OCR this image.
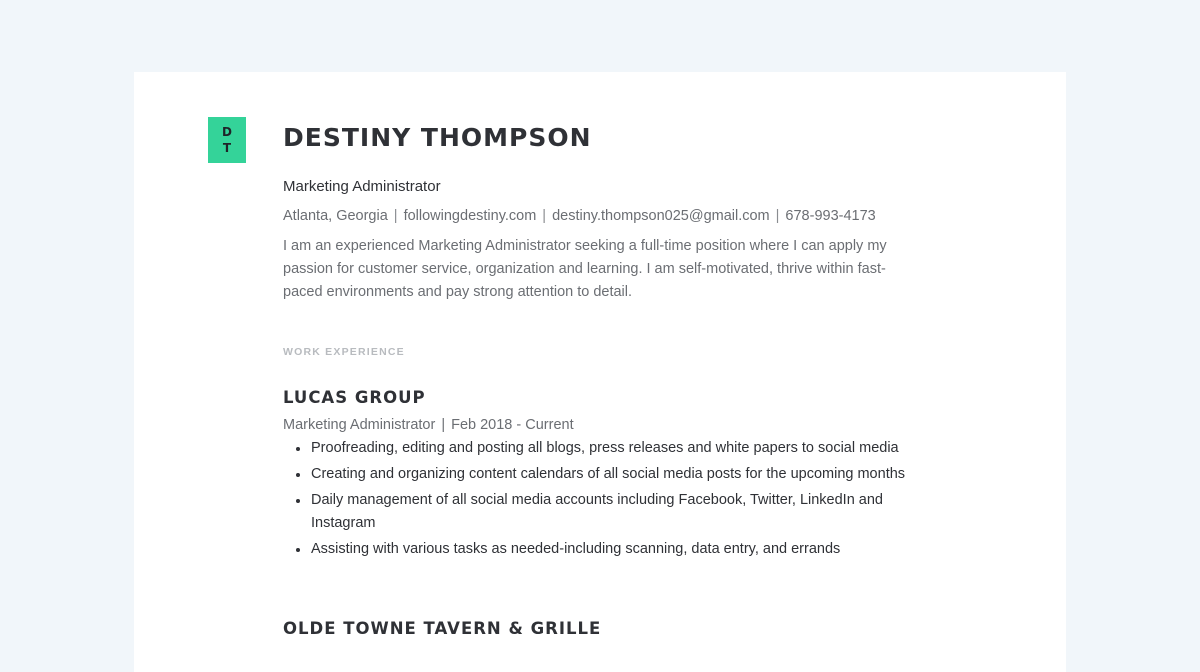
D
T	DESTINY THOMPSON
Marketing Administrator
Atlanta, Georgia | followingdestiny.com | destiny.thompson025@gmail.com | 678-993-4173

I am an experienced Marketing Administrator seeking a full-time position where I can apply my passion for customer service, organization and learning. I am self-motivated, thrive within fast-paced environments and pay strong attention to detail.

WORK EXPERIENCE
LUCAS GROUP
Marketing Administrator | Feb 2018 - Current
Proofreading, editing and posting all blogs, press releases and white papers to social media
Creating and organizing content calendars of all social media posts for the upcoming months
Daily management of all social media accounts including Facebook, Twitter, LinkedIn and Instagram
Assisting with various tasks as needed-including scanning, data entry, and errands
OLDE TOWNE TAVERN & GRILLE
